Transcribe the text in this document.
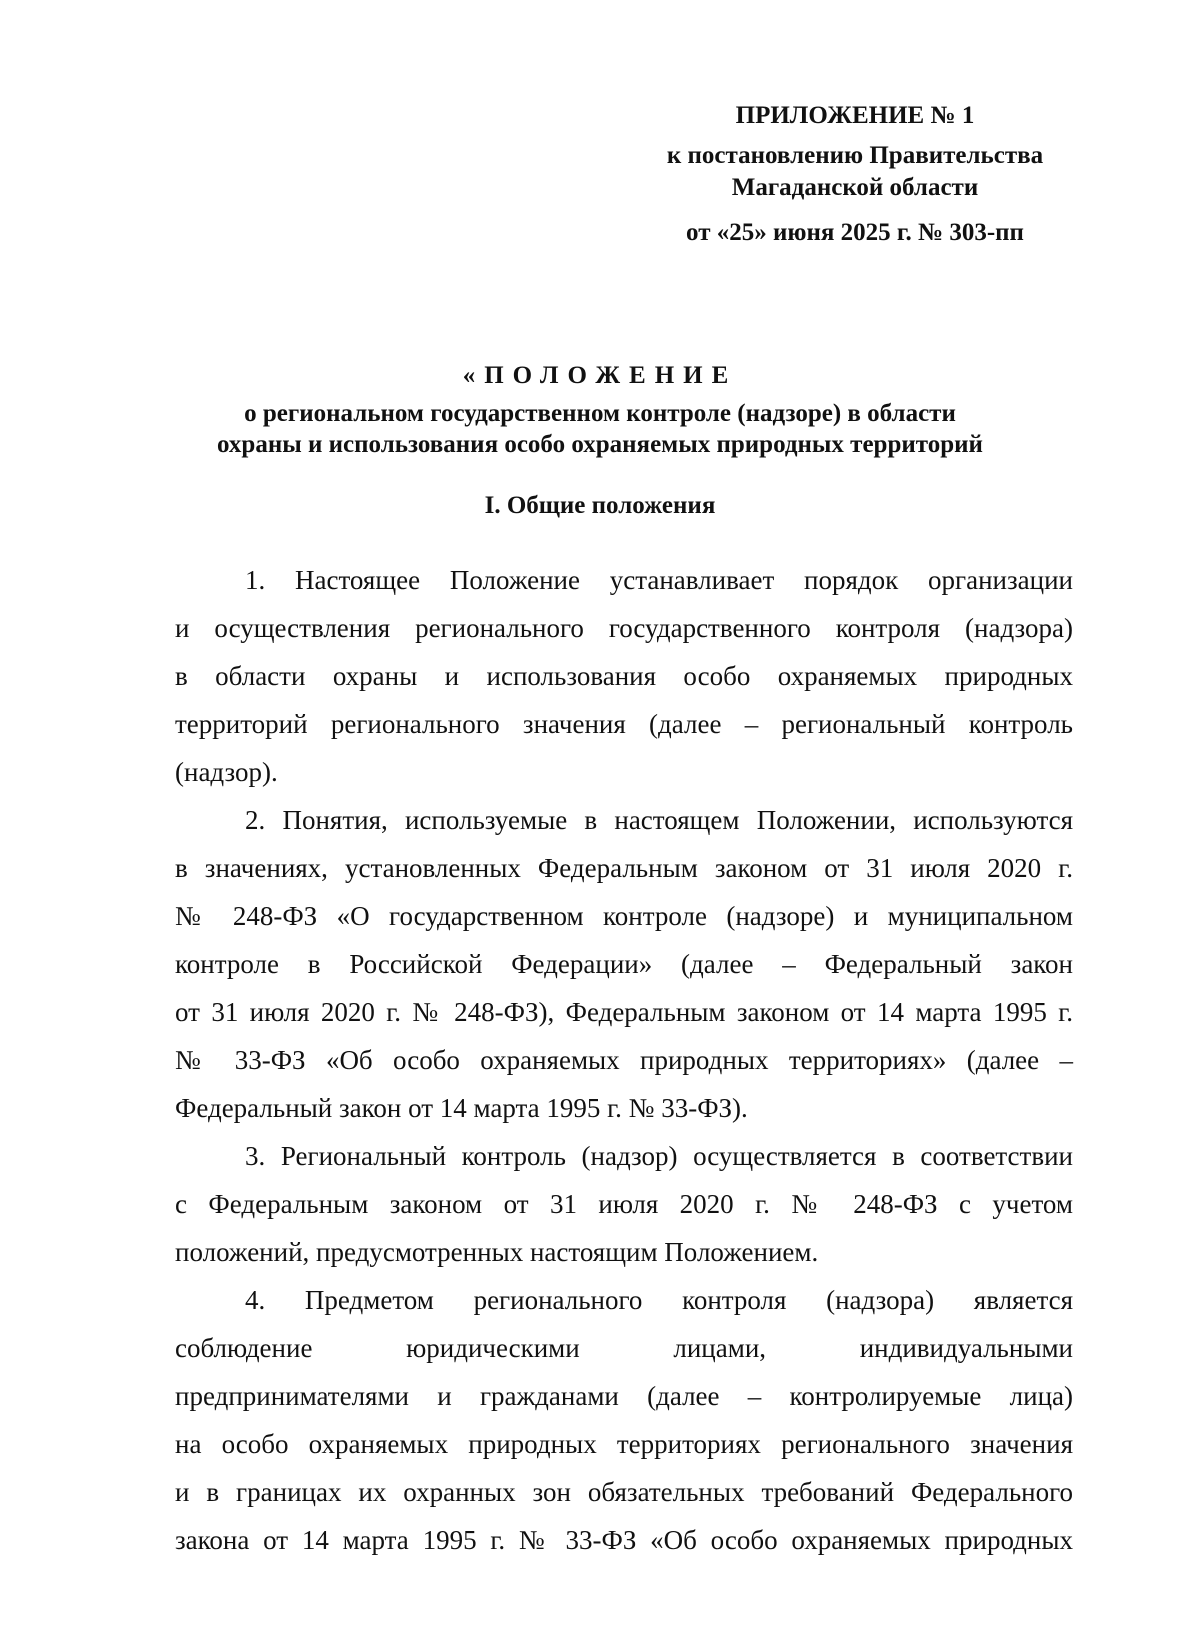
ПРИЛОЖЕНИЕ № 1
к постановлению Правительства
Магаданской области
от «25» июня 2025 г. № 303-пп
«ПОЛОЖЕНИЕ
о региональном государственном контроле (надзоре) в области
охраны и использования особо охраняемых природных территорий
I. Общие положения
1. Настоящее Положение устанавливает порядок организации
и осуществления регионального государственного контроля (надзора)
в области охраны и использования особо охраняемых природных
территорий регионального значения (далее – региональный контроль
(надзор).
2. Понятия, используемые в настоящем Положении, используются
в значениях, установленных Федеральным законом от 31 июля 2020 г.
№ 248-ФЗ «О государственном контроле (надзоре) и муниципальном
контроле в Российской Федерации» (далее – Федеральный закон
от 31 июля 2020 г. № 248-ФЗ), Федеральным законом от 14 марта 1995 г.
№ 33-ФЗ «Об особо охраняемых природных территориях» (далее –
Федеральный закон от 14 марта 1995 г. № 33-ФЗ).
3. Региональный контроль (надзор) осуществляется в соответствии
с Федеральным законом от 31 июля 2020 г. № 248-ФЗ с учетом
положений, предусмотренных настоящим Положением.
4. Предметом регионального контроля (надзора) является
соблюдение юридическими лицами, индивидуальными
предпринимателями и гражданами (далее – контролируемые лица)
на особо охраняемых природных территориях регионального значения
и в границах их охранных зон обязательных требований Федерального
закона от 14 марта 1995 г. № 33-ФЗ «Об особо охраняемых природных
